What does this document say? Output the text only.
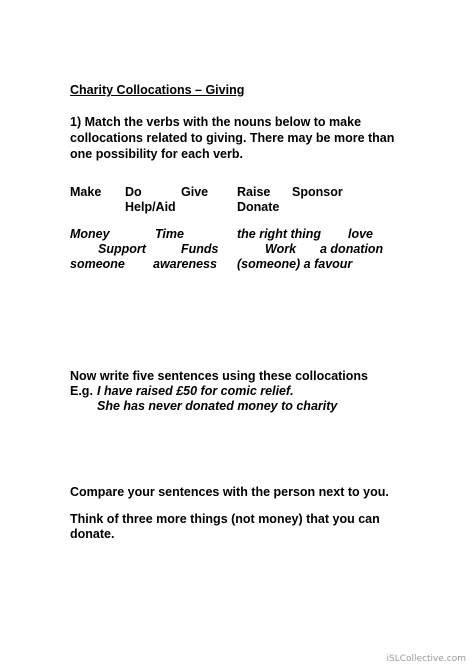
Charity Collocations – Giving
1) Match the verbs with the nouns below to make
collocations related to giving. There may be more than
one possibility for each verb.
Make Do	Give Raise Sponsor
Help/Aid	Donate
Money	Time	the right thing love
Support	Funds	Work a donation
someone awareness (someone) a favour
Now write five sentences using these collocations
E.g. I have raised £50 for comic relief.
She has never donated money to charity
Compare your sentences with the person next to you.
Think of three more things (not money) that you can
donate.
iSLCollective.com
